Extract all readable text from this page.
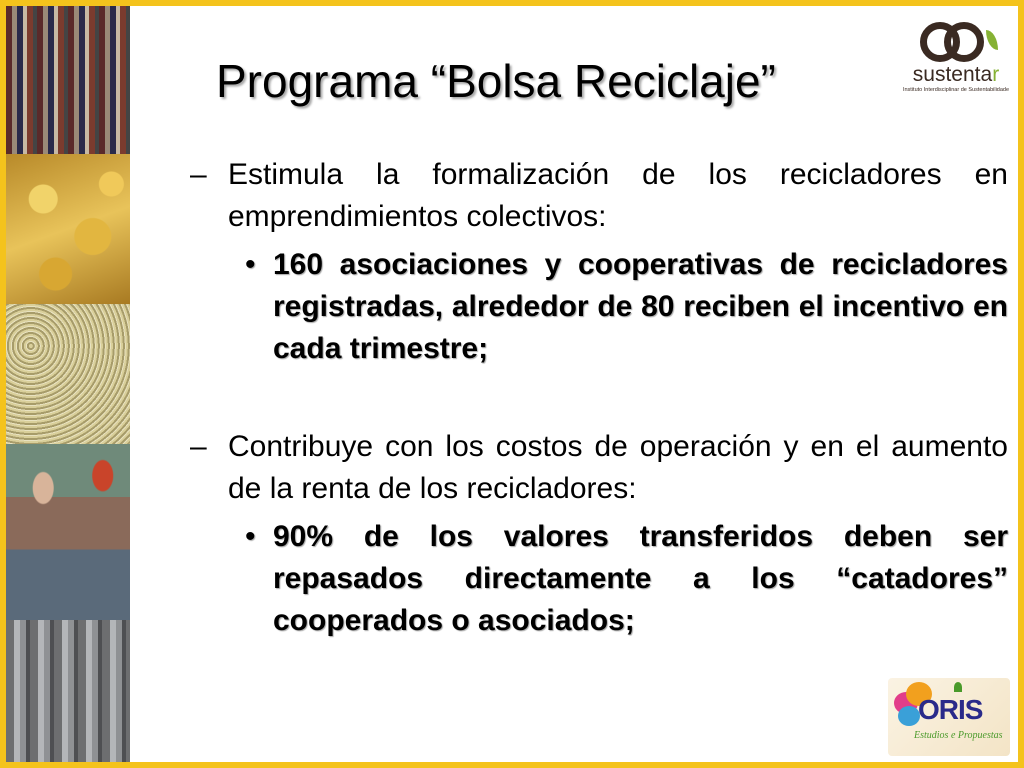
Programa “Bolsa Reciclaje”	sustentar
Instituto Interdisciplinar de Sustentabilidade
– Estimula la formalización de los recicladores en emprendimientos colectivos:
• 160 asociaciones y cooperativas de recicladores registradas, alrededor de 80 reciben el incentivo en cada trimestre;
– Contribuye con los costos de operación y en el aumento de la renta de los recicladores:
• 90% de los valores transferidos deben ser repasados directamente a los “catadores” cooperados o asociados;
ORIS
Estudios e Propuestas
